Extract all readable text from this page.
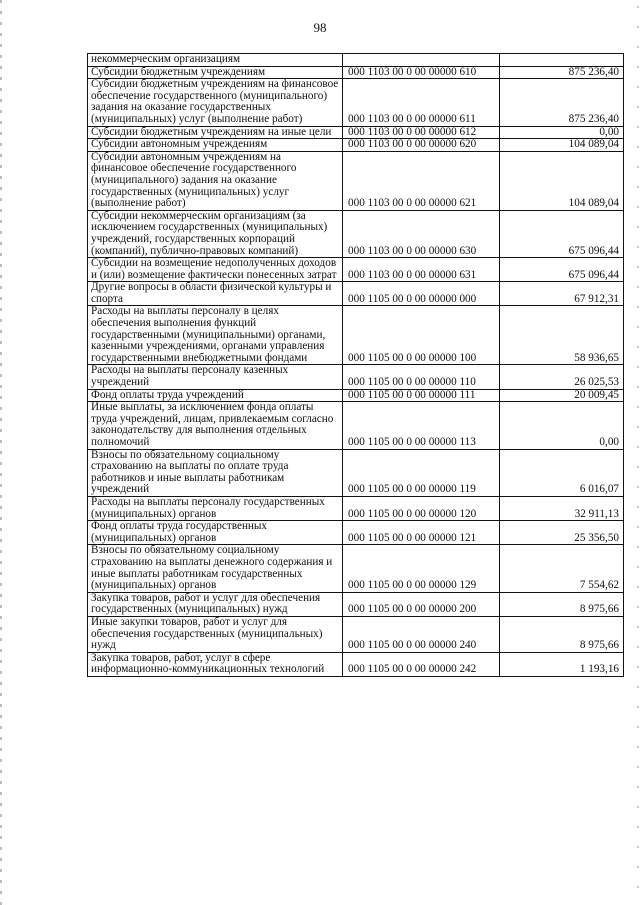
98
некоммерческим организациям		
Субсидии бюджетным учреждениям	000 1103 00 0 00 00000 610	875 236,40
Субсидии бюджетным учреждениям на финансовое обеспечение государственного (муниципального) задания на оказание государственных (муниципальных) услуг (выполнение работ)	000 1103 00 0 00 00000 611	875 236,40
Субсидии бюджетным учреждениям на иные цели	000 1103 00 0 00 00000 612	0,00
Субсидии автономным учреждениям	000 1103 00 0 00 00000 620	104 089,04
Субсидии автономным учреждениям на финансовое обеспечение государственного (муниципального) задания на оказание государственных (муниципальных) услуг (выполнение работ)	000 1103 00 0 00 00000 621	104 089,04
Субсидии некоммерческим организациям (за исключением государственных (муниципальных) учреждений, государственных корпораций (компаний), публично-правовых компаний)	000 1103 00 0 00 00000 630	675 096,44
Субсидии на возмещение недополученных доходов и (или) возмещение фактически понесенных затрат	000 1103 00 0 00 00000 631	675 096,44
Другие вопросы в области физической культуры и спорта	000 1105 00 0 00 00000 000	67 912,31
Расходы на выплаты персоналу в целях обеспечения выполнения функций государственными (муниципальными) органами, казенными учреждениями, органами управления государственными внебюджетными фондами	000 1105 00 0 00 00000 100	58 936,65
Расходы на выплаты персоналу казенных учреждений	000 1105 00 0 00 00000 110	26 025,53
Фонд оплаты труда учреждений	000 1105 00 0 00 00000 111	20 009,45
Иные выплаты, за исключением фонда оплаты труда учреждений, лицам, привлекаемым согласно законодательству для выполнения отдельных полномочий	000 1105 00 0 00 00000 113	0,00
Взносы по обязательному социальному страхованию на выплаты по оплате труда работников и иные выплаты работникам учреждений	000 1105 00 0 00 00000 119	6 016,07
Расходы на выплаты персоналу государственных (муниципальных) органов	000 1105 00 0 00 00000 120	32 911,13
Фонд оплаты труда государственных (муниципальных) органов	000 1105 00 0 00 00000 121	25 356,50
Взносы по обязательному социальному страхованию на выплаты денежного содержания и иные выплаты работникам государственных (муниципальных) органов	000 1105 00 0 00 00000 129	7 554,62
Закупка товаров, работ и услуг для обеспечения государственных (муниципальных) нужд	000 1105 00 0 00 00000 200	8 975,66
Иные закупки товаров, работ и услуг для обеспечения государственных (муниципальных) нужд	000 1105 00 0 00 00000 240	8 975,66
Закупка товаров, работ, услуг в сфере информационно-коммуникационных технологий	000 1105 00 0 00 00000 242	1 193,16
